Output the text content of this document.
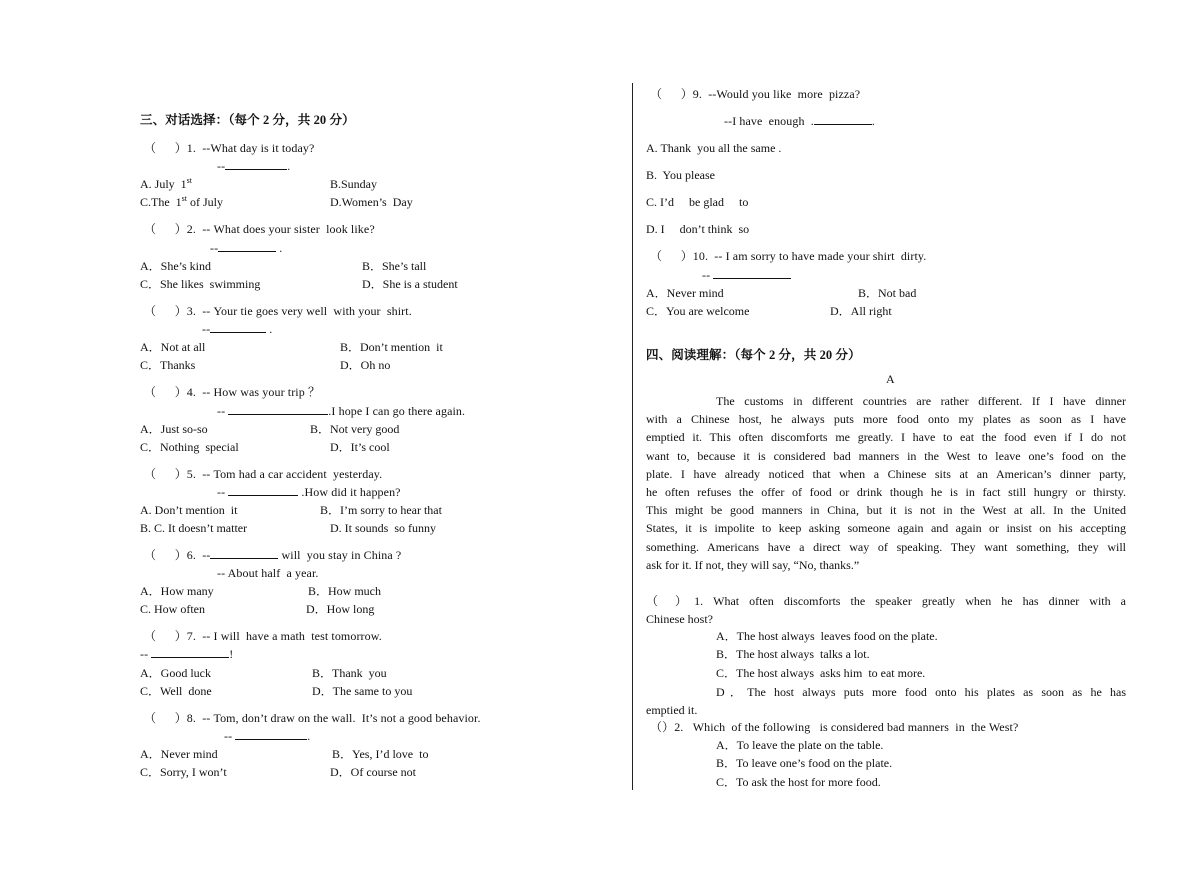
三、对话选择：（每个 2 分，共 20 分）
（      ）1.  --What day is it today?
--	.
A. July  1st	B.Sunday
C.The  1st of July	D.Women’s  Day
（      ）2.  -- What does your sister  look like?
--	.
A．She’s kind	B．She’s tall
C．She likes  swimming	D．She is a student
（      ）3.  -- Your tie goes very well  with your  shirt.
--	.
A．Not at all	B．Don’t mention  it
C．Thanks	D．Oh no
（      ）4.  -- How was your trip ？
--	.I hope I can go there again.
A．Just so-so	B．Not very good
C．Nothing  special	D．It’s cool
（      ）5.  -- Tom had a car accident  yesterday.
--	.How did it happen?
A. Don’t mention  it	B．I’m sorry to hear that
B. C. It doesn’t matter	D. It sounds  so funny
（      ）6.  --	will  you stay in China ?
-- About half  a year.
A．How many	B．How much
C. How often	D．How long
（      ）7.  -- I will  have a math  test tomorrow.
--	!
A．Good luck	B．Thank  you
C．Well  done	D．The same to you
（      ）8.  -- Tom, don’t draw on the wall.  It’s not a good behavior.
--	.
A．Never mind	B．Yes, I’d love  to
C．Sorry, I won’t	D．Of course not
（      ）9.  --Would you like  more  pizza?
--I have  enough  .	.
A. Thank  you all the same .
B.  You please
C. I’d     be glad     to
D. I     don’t think  so
（      ）10.  -- I am sorry to have made your shirt  dirty.
--
A．Never mind	B．Not bad
C．You are welcome	D．All right
四、阅读理解：（每个 2 分，共 20 分）
A
The customs in different countries are rather different. If I have dinner
with a Chinese host, he always puts more food onto my plates as soon as I have
emptied it. This often discomforts me greatly. I have to eat the food even if I do not
want to, because it is considered bad manners in the West to leave one’s food on the
plate. I have already noticed that when a Chinese sits at an American’s dinner party,
he often refuses the offer of food or drink though he is in fact still hungry or thirsty.
This might be good manners in China, but it is not in the West at all. In the United
States, it is impolite to keep asking someone again and again or insist on his accepting
something. Americans have a direct way of speaking. They want something, they will
ask for it. If not, they will say, “No, thanks.”
（ ）1. What often discomforts the speaker greatly when he has dinner with a
Chinese host?
A．The host always  leaves food on the plate.
B．The host always  talks a lot.
C．The host always  asks him  to eat more.
D．The host always puts more food onto his plates as soon as he has
emptied it.
（）2.   Which  of the following   is considered bad manners  in  the West?
A．To leave the plate on the table.
B．To leave one’s food on the plate.
C．To ask the host for more food.
